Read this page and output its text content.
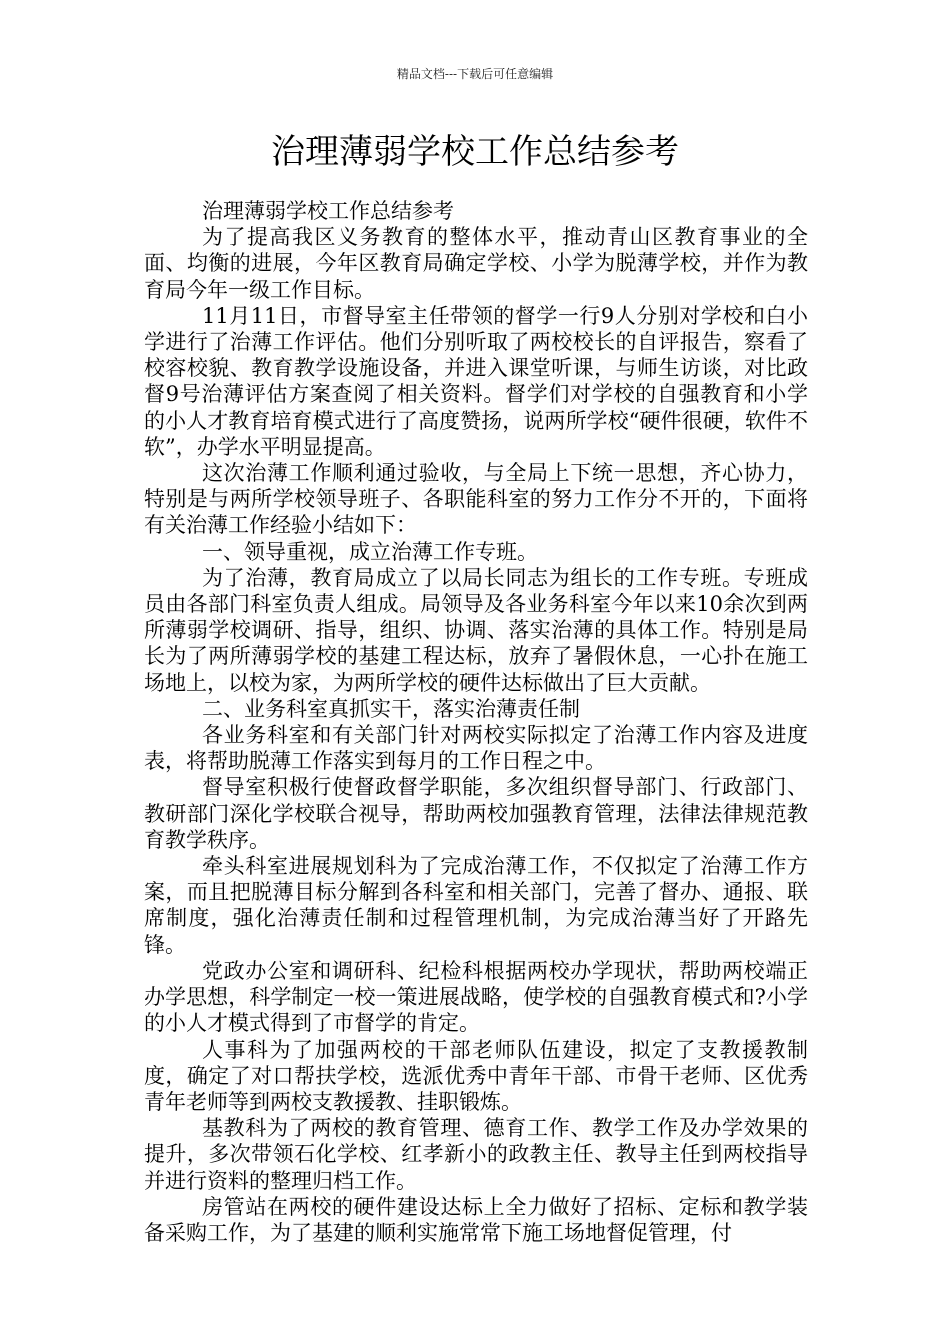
精品文档---下载后可任意编辑
治理薄弱学校工作总结参考

治理薄弱学校工作总结参考

为了提高我区义务教育的整体水平，推动青山区教育事业的全面、均衡的进展，今年区教育局确定学校、小学为脱薄学校，并作为教育局今年一级工作目标。

11月11日，市督导室主任带领的督学一行9人分别对学校和白小学进行了治薄工作评估。他们分别听取了两校校长的自评报告，察看了校容校貌、教育教学设施设备，并进入课堂听课，与师生访谈，对比政督9号治薄评估方案查阅了相关资料。督学们对学校的自强教育和小学的小人才教育培育模式进行了高度赞扬，说两所学校“硬件很硬，软件不软”，办学水平明显提高。

这次治薄工作顺利通过验收，与全局上下统一思想，齐心协力，特别是与两所学校领导班子、各职能科室的努力工作分不开的，下面将有关治薄工作经验小结如下：

一、领导重视，成立治薄工作专班。

为了治薄，教育局成立了以局长同志为组长的工作专班。专班成员由各部门科室负责人组成。局领导及各业务科室今年以来10余次到两所薄弱学校调研、指导，组织、协调、落实治薄的具体工作。特别是局长为了两所薄弱学校的基建工程达标，放弃了暑假休息，一心扑在施工场地上，以校为家，为两所学校的硬件达标做出了巨大贡献。

二、业务科室真抓实干，落实治薄责任制

各业务科室和有关部门针对两校实际拟定了治薄工作内容及进度表，将帮助脱薄工作落实到每月的工作日程之中。

督导室积极行使督政督学职能，多次组织督导部门、行政部门、教研部门深化学校联合视导，帮助两校加强教育管理，法律法律规范教育教学秩序。

牵头科室进展规划科为了完成治薄工作，不仅拟定了治薄工作方案，而且把脱薄目标分解到各科室和相关部门，完善了督办、通报、联席制度，强化治薄责任制和过程管理机制，为完成治薄当好了开路先锋。

党政办公室和调研科、纪检科根据两校办学现状，帮助两校端正办学思想，科学制定一校一策进展战略，使学校的自强教育模式和?小学的小人才模式得到了市督学的肯定。

人事科为了加强两校的干部老师队伍建设，拟定了支教援教制度，确定了对口帮扶学校，选派优秀中青年干部、市骨干老师、区优秀青年老师等到两校支教援教、挂职锻炼。

基教科为了两校的教育管理、德育工作、教学工作及办学效果的提升，多次带领石化学校、红孝新小的政教主任、教导主任到两校指导并进行资料的整理归档工作。

房管站在两校的硬件建设达标上全力做好了招标、定标和教学装备采购工作，为了基建的顺利实施常常下施工场地督促管理，付
